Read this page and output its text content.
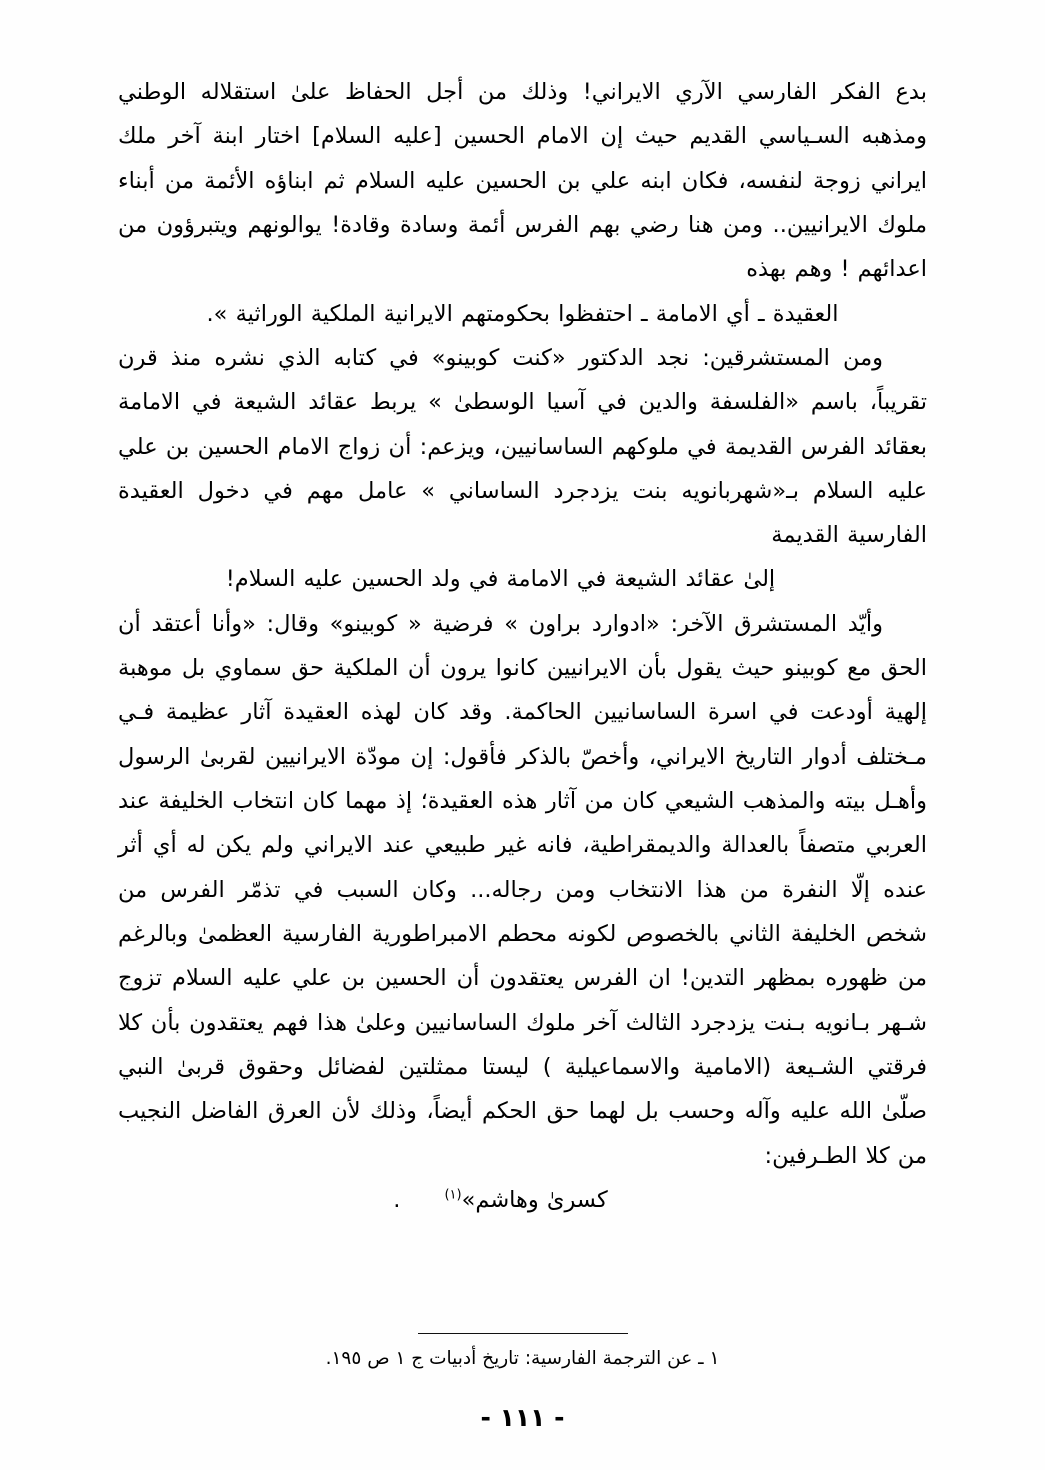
بدع الفكر الفارسي الآري الايراني! وذلك من أجل الحفاظ علىٰ استقلاله الوطني ومذهبه السـياسي القديم حيث إن الامام الحسين [عليه السلام] اختار ابنة آخر ملك ايراني زوجة لنفسه، فكان ابنه علي بن الحسين عليه السلام ثم ابناؤه الأئمة من أبناء ملوك الايرانيين.. ومن هنا رضي بهم الفرس أئمة وسادة وقادة! يوالونهم ويتبرؤون من اعدائهم ! وهم بهذه
العقيدة ـ أي الامامة ـ احتفظوا بحكومتهم الايرانية الملكية الوراثية ».

ومن المستشرقين: نجد الدكتور «كنت كوبينو» في كتابه الذي نشره منذ قرن تقريباً، باسم «الفلسفة والدين في آسيا الوسطىٰ » يربط عقائد الشيعة في الامامة بعقائد الفرس القديمة في ملوكهم الساسانيين، ويزعم: أن زواج الامام الحسين بن علي عليه السلام بـ«شهربانويه بنت يزدجرد الساساني » عامل مهم في دخول العقيدة الفارسية القديمة
إلىٰ عقائد الشيعة في الامامة في ولد الحسين عليه السلام!

وأيّد المستشرق الآخر: «ادوارد براون » فرضية « كوبينو» وقال: «وأنا أعتقد أن الحق مع كوبينو حيث يقول بأن الايرانيين كانوا يرون أن الملكية حق سماوي بل موهبة إلهية أودعت في اسرة الساسانيين الحاكمة. وقد كان لهذه العقيدة آثار عظيمة فـي مـختلف أدوار التاريخ الايراني، وأخصّ بالذكر فأقول: إن مودّة الايرانيين لقربىٰ الرسول وأهـل بيته والمذهب الشيعي كان من آثار هذه العقيدة؛ إذ مهما كان انتخاب الخليفة عند العربي متصفاً بالعدالة والديمقراطية، فانه غير طبيعي عند الايراني ولم يكن له أي أثر عنده إلّا النفرة من هذا الانتخاب ومن رجاله... وكان السبب في تذمّر الفرس من شخص الخليفة الثاني بالخصوص لكونه محطم الامبراطورية الفارسية العظمىٰ وبالرغم من ظهوره بمظهر التدين! ان الفرس يعتقدون أن الحسين بن علي عليه السلام تزوج شـهر بـانويه بـنت يزدجرد الثالث آخر ملوك الساسانيين وعلىٰ هذا فهم يعتقدون بأن كلا فرقتي الشـيعة (الامامية والاسماعيلية ) ليستا ممثلتين لفضائل وحقوق قربىٰ النبي صلّىٰ الله عليه وآله وحسب بل لهما حق الحكم أيضاً، وذلك لأن العرق الفاضل النجيب من كلا الطـرفين:
كسرىٰ وهاشم»$^{(١)}$.

١ ـ عن الترجمة الفارسية: تاريخ أدبيات ج ١ ص ١٩٥.
- ١١١ -
